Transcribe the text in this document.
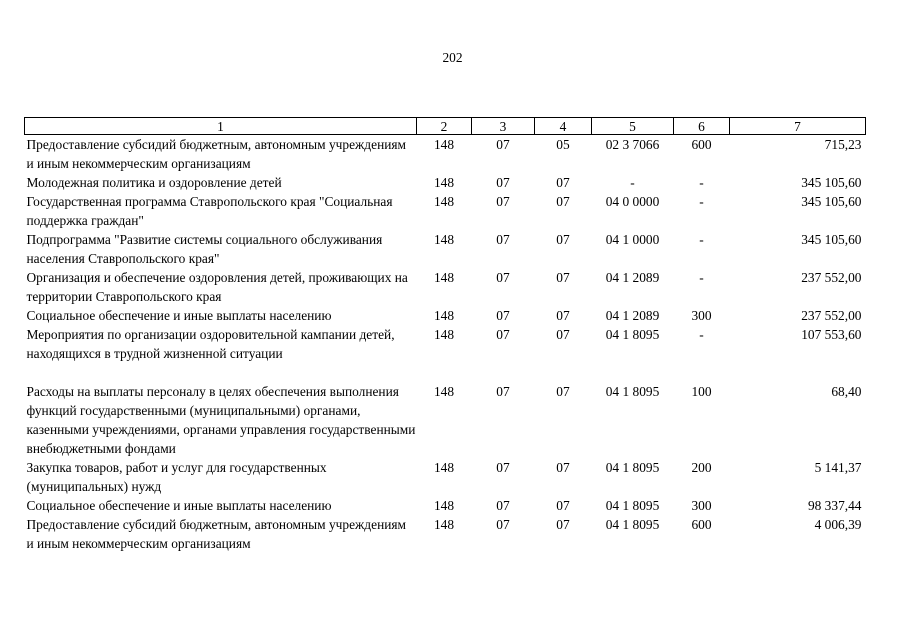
202
1	2	3	4	5	6	7
Предоставление субсидий бюджетным, автономным учреждениям и иным некоммерческим организациям	148	07	05	02 3 7066	600	715,23
Молодежная политика и оздоровление детей	148	07	07	-	-	345 105,60
Государственная программа Ставропольского края "Социальная поддержка граждан"	148	07	07	04 0 0000	-	345 105,60
Подпрограмма "Развитие системы социального обслуживания населения Ставропольского края"	148	07	07	04 1 0000	-	345 105,60
Организация и обеспечение оздоровления детей, проживающих на территории Ставропольского края	148	07	07	04 1 2089	-	237 552,00
Социальное обеспечение и иные выплаты населению	148	07	07	04 1 2089	300	237 552,00
Мероприятия по организации оздоровительной кампании детей, находящихся в трудной жизненной ситуации	148	07	07	04 1 8095	-	107 553,60

Расходы на выплаты персоналу в целях обеспечения выполнения функций государственными (муниципальными) органами, казенными учреждениями, органами управления государственными внебюджетными фондами	148	07	07	04 1 8095	100	68,40
Закупка товаров, работ и услуг для государственных (муниципальных) нужд	148	07	07	04 1 8095	200	5 141,37
Социальное обеспечение и иные выплаты населению	148	07	07	04 1 8095	300	98 337,44
Предоставление субсидий бюджетным, автономным учреждениям и иным некоммерческим организациям	148	07	07	04 1 8095	600	4 006,39
